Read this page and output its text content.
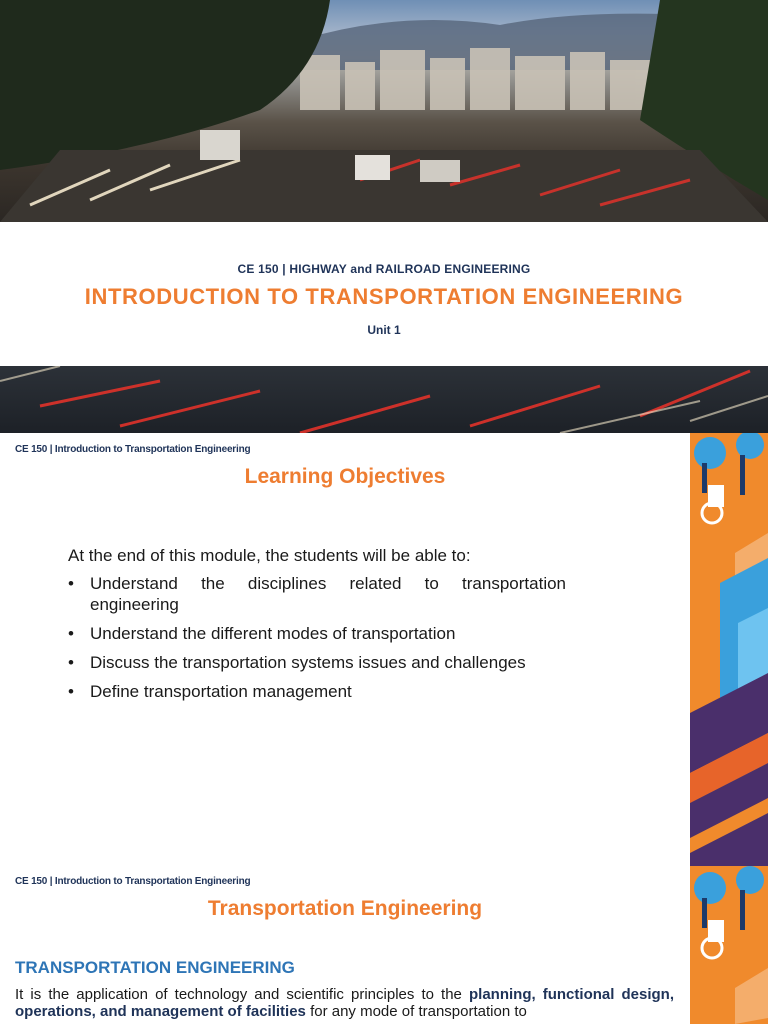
CE 150 | HIGHWAY and RAILROAD ENGINEERING
INTRODUCTION TO TRANSPORTATION ENGINEERING
Unit 1
CE 150 | Introduction to Transportation Engineering
Learning Objectives
At the end of this module, the students will be able to:
• Understand the disciplines related to transportation engineering
• Understand the different modes of transportation
• Discuss the transportation systems issues and challenges
• Define transportation management
CE 150 | Introduction to Transportation Engineering
Transportation Engineering
TRANSPORTATION ENGINEERING
It is the application of technology and scientific principles to the planning, functional design, operations, and management of facilities for any mode of transportation to
